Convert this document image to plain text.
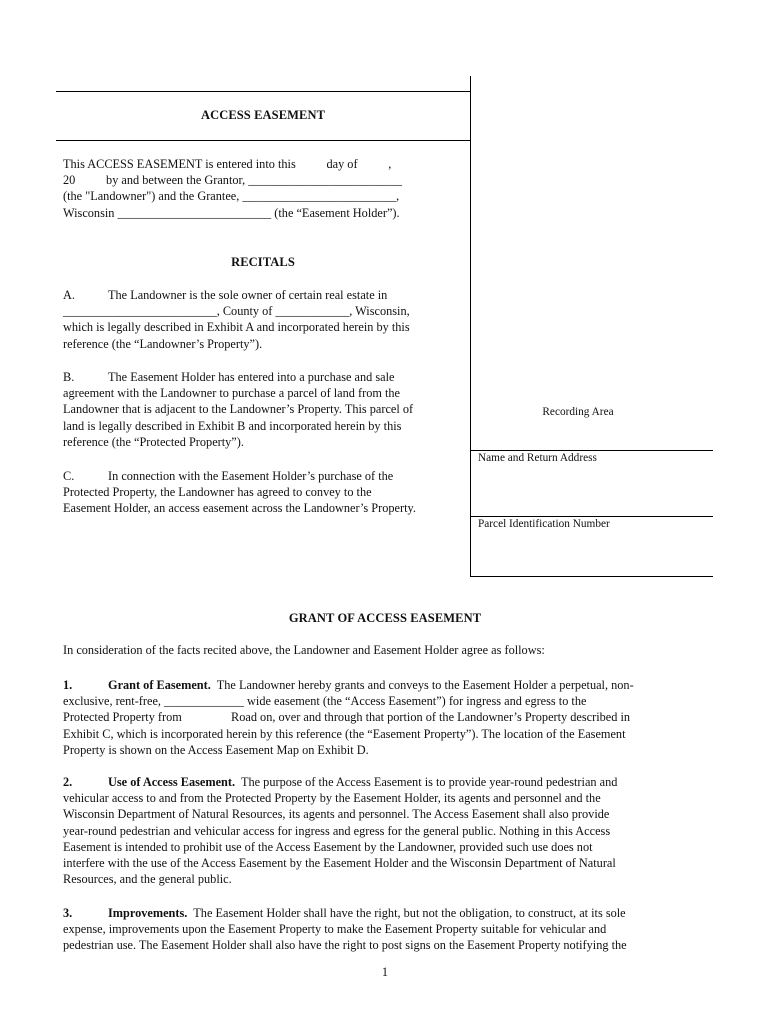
ACCESS EASEMENT
This ACCESS EASEMENT is entered into this          day of          ,
20          by and between the Grantor, _________________________
(the "Landowner") and the Grantee, _________________________,
Wisconsin _________________________ (the “Easement Holder”).
RECITALS
A.	The Landowner is the sole owner of certain real estate in
_________________________, County of ____________, Wisconsin,
which is legally described in Exhibit A and incorporated herein by this
reference (the “Landowner’s Property”).
B.	The Easement Holder has entered into a purchase and sale
agreement with the Landowner to purchase a parcel of land from the
Landowner that is adjacent to the Landowner’s Property. This parcel of
land is legally described in Exhibit B and incorporated herein by this
reference (the “Protected Property”).
C.	In connection with the Easement Holder’s purchase of the
Protected Property, the Landowner has agreed to convey to the
Easement Holder, an access easement across the Landowner’s Property.
Recording Area
Name and Return Address
Parcel Identification Number
GRANT OF ACCESS EASEMENT
In consideration of the facts recited above, the Landowner and Easement Holder agree as follows:
1.	Grant of Easement. The Landowner hereby grants and conveys to the Easement Holder a perpetual, non-
exclusive, rent-free, _____________ wide easement (the “Access Easement”) for ingress and egress to the
Protected Property from                Road on, over and through that portion of the Landowner’s Property described in
Exhibit C, which is incorporated herein by this reference (the “Easement Property”). The location of the Easement
Property is shown on the Access Easement Map on Exhibit D.
2.	Use of Access Easement. The purpose of the Access Easement is to provide year-round pedestrian and
vehicular access to and from the Protected Property by the Easement Holder, its agents and personnel and the
Wisconsin Department of Natural Resources, its agents and personnel. The Access Easement shall also provide
year-round pedestrian and vehicular access for ingress and egress for the general public. Nothing in this Access
Easement is intended to prohibit use of the Access Easement by the Landowner, provided such use does not
interfere with the use of the Access Easement by the Easement Holder and the Wisconsin Department of Natural
Resources, and the general public.
3.	Improvements. The Easement Holder shall have the right, but not the obligation, to construct, at its sole
expense, improvements upon the Easement Property to make the Easement Property suitable for vehicular and
pedestrian use. The Easement Holder shall also have the right to post signs on the Easement Property notifying the
1
